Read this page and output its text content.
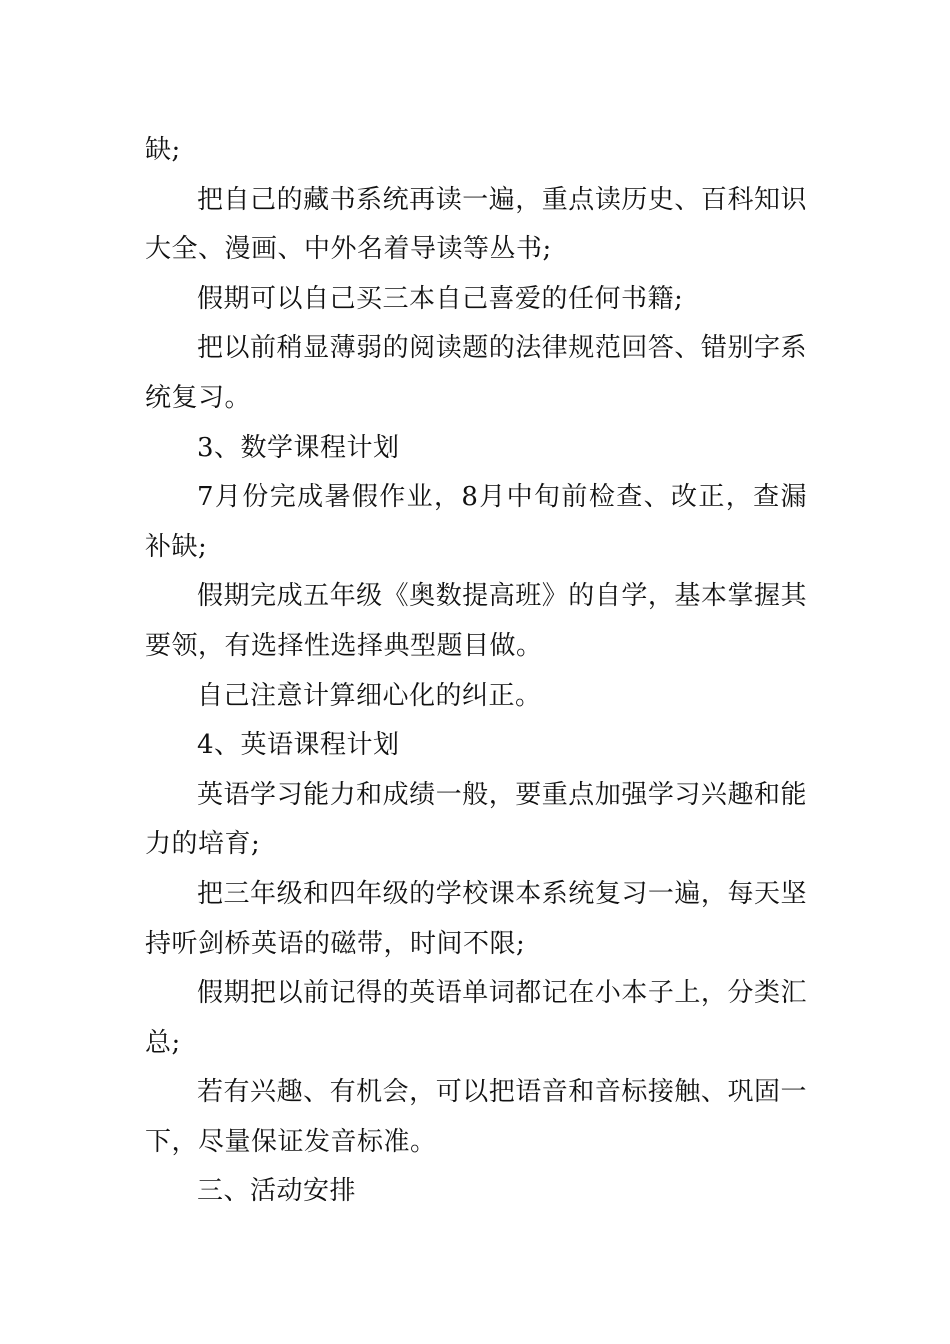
缺;

把自己的藏书系统再读一遍，重点读历史、百科知识大全、漫画、中外名着导读等丛书;

假期可以自己买三本自己喜爱的任何书籍;

把以前稍显薄弱的阅读题的法律规范回答、错别字系统复习。

3、数学课程计划

7月份完成暑假作业，8月中旬前检查、改正，查漏补缺;

假期完成五年级《奥数提高班》的自学，基本掌握其要领，有选择性选择典型题目做。

自己注意计算细心化的纠正。

4、英语课程计划

英语学习能力和成绩一般，要重点加强学习兴趣和能力的培育;

把三年级和四年级的学校课本系统复习一遍，每天坚持听剑桥英语的磁带，时间不限;

假期把以前记得的英语单词都记在小本子上，分类汇总;

若有兴趣、有机会，可以把语音和音标接触、巩固一下，尽量保证发音标准。

三、活动安排
